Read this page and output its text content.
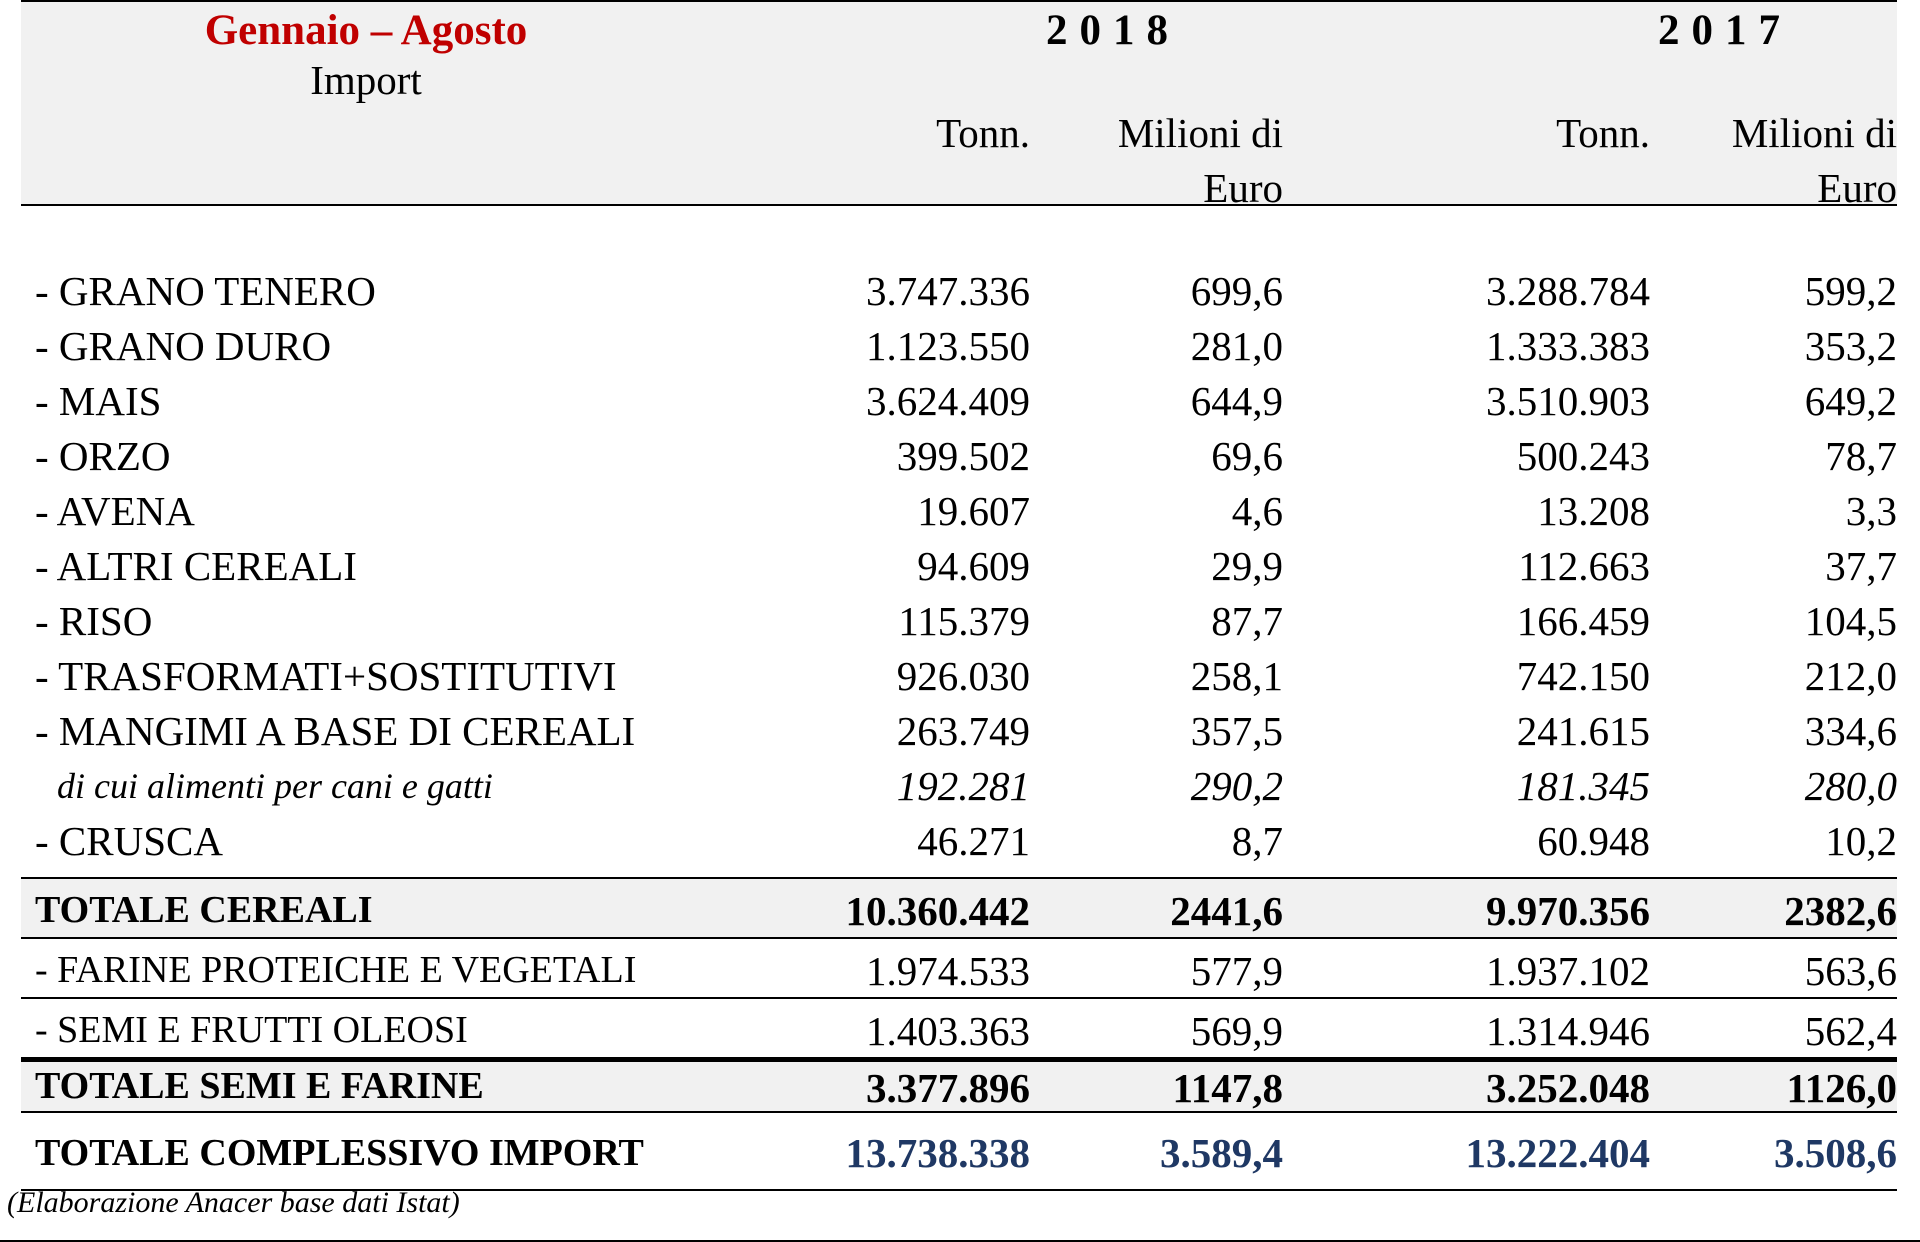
Gennaio – Agosto
Import
2018	2017
Tonn.	Milioni di Euro
Tonn.	Milioni di Euro
- GRANO TENERO	3.747.336	699,6	3.288.784	599,2
- GRANO DURO	1.123.550	281,0	1.333.383	353,2
- MAIS	3.624.409	644,9	3.510.903	649,2
- ORZO	399.502	69,6	500.243	78,7
- AVENA	19.607	4,6	13.208	3,3
- ALTRI CEREALI	94.609	29,9	112.663	37,7
- RISO	115.379	87,7	166.459	104,5
- TRASFORMATI+SOSTITUTIVI	926.030	258,1	742.150	212,0
- MANGIMI A BASE DI CEREALI	263.749	357,5	241.615	334,6
di cui alimenti per cani e gatti	192.281	290,2	181.345	280,0
- CRUSCA	46.271	8,7	60.948	10,2
TOTALE CEREALI	10.360.442	2441,6	9.970.356	2382,6
- FARINE PROTEICHE E VEGETALI	1.974.533	577,9	1.937.102	563,6
- SEMI E FRUTTI OLEOSI	1.403.363	569,9	1.314.946	562,4
TOTALE SEMI E FARINE	3.377.896	1147,8	3.252.048	1126,0
TOTALE COMPLESSIVO IMPORT	13.738.338	3.589,4	13.222.404	3.508,6
(Elaborazione Anacer base dati Istat)
